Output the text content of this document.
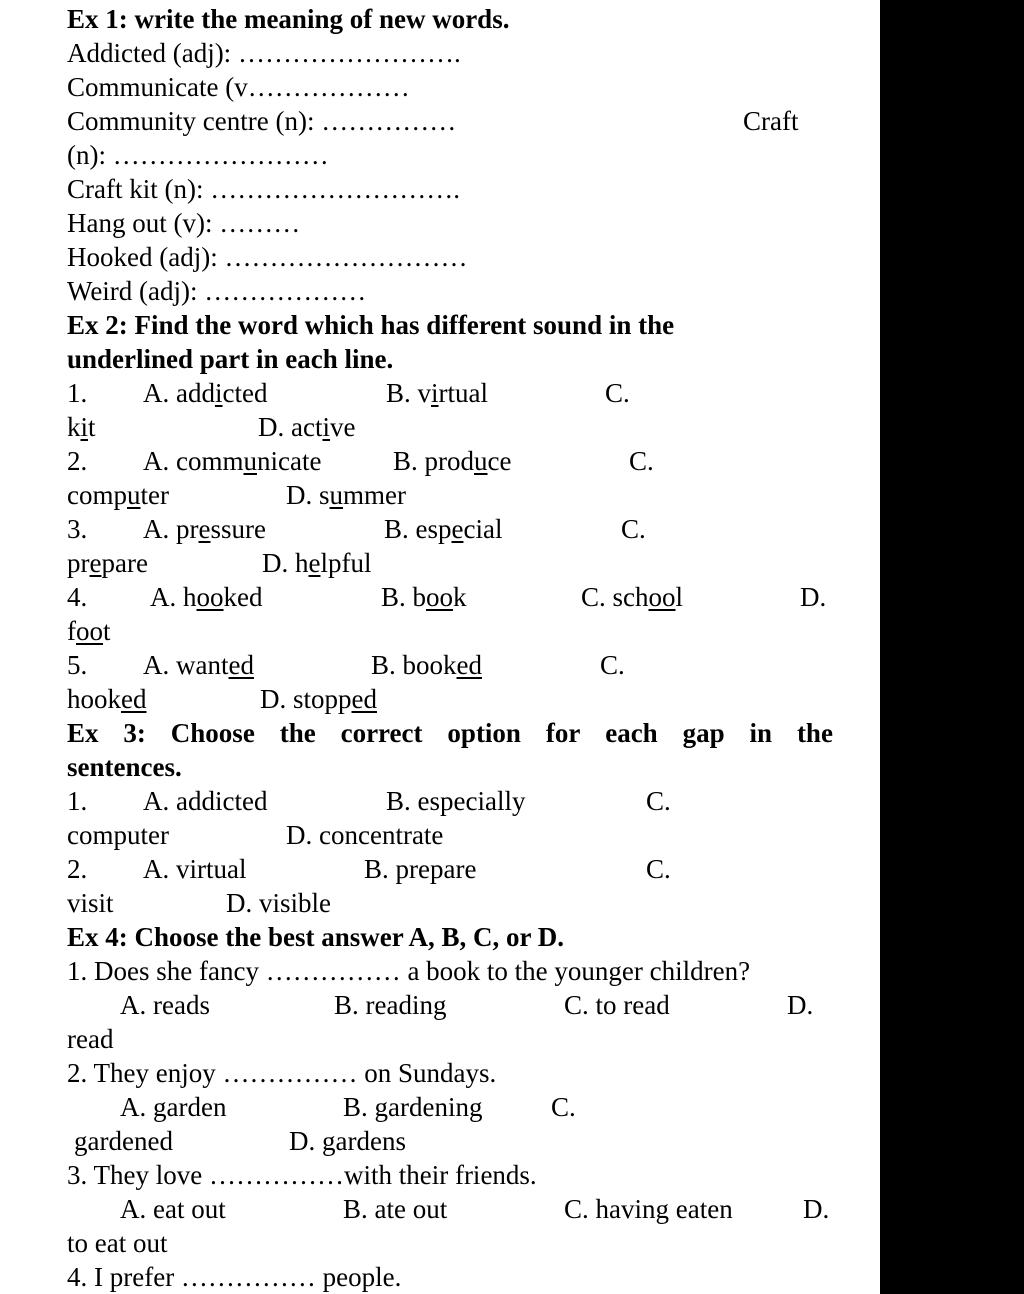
Ex 1: write the meaning of new words.
Addicted (adj): …………………….
Communicate (v………………
Community centre (n): ……………	Craft
(n): ……………………
Craft kit (n): ……………………….
Hang out (v): ………
Hooked (adj): ………………………
Weird (adj): ………………
Ex 2: Find the word which has different sound in the
underlined part in each line.
1. A. addicted	B. virtual	C.
kit	D. active
2. A. communicate	B. produce	C.
computer	D. summer
3. A. pressure	B. especial	C.
prepare	D. helpful
4. A. hooked	B. book	C. school	D.
foot
5. A. wanted	B. booked	C.
hooked	D. stopped
Ex 3: Choose the correct option for each gap in the
sentences.
1. A. addicted	B. especially	C.
computer	D. concentrate
2. A. virtual	B. prepare	C.
visit	D. visible
Ex 4: Choose the best answer A, B, C, or D.
1. Does she fancy …………… a book to the younger children?
A. reads	B. reading	C. to read	D.
read
2. They enjoy …………… on Sundays.
A. garden	B. gardening	C.
gardened	D. gardens
3. They love ……………with their friends.
A. eat out	B. ate out	C. having eaten	D.
to eat out
4. I prefer …………… people.
